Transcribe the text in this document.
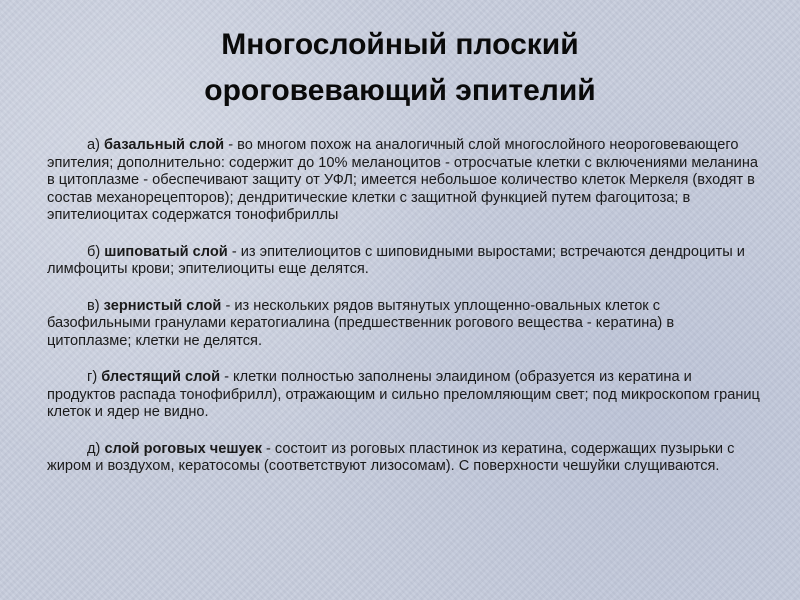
Многослойный плоский
ороговевающий эпителий

а) базальный слой - во многом похож на аналогичный слой многослойного неороговевающего эпителия; дополнительно: содержит до 10% меланоцитов - отросчатые клетки с включениями меланина в цитоплазме - обеспечивают защиту от УФЛ; имеется небольшое количество клеток Меркеля (входят в состав механорецепторов); дендритические клетки с защитной функцией путем фагоцитоза; в эпителиоцитах содержатся тонофибриллы

б) шиповатый слой - из эпителиоцитов с шиповидными выростами; встречаются дендроциты и лимфоциты крови; эпителиоциты еще делятся.

в) зернистый слой - из нескольких рядов вытянутых уплощенно-овальных клеток с базофильными гранулами кератогиалина (предшественник рогового вещества - кератина) в цитоплазме; клетки не делятся.

г) блестящий слой - клетки полностью заполнены элаидином (образуется из кератина и продуктов распада тонофибрилл), отражающим и сильно преломляющим свет; под микроскопом границ клеток и ядер не видно.

д) слой роговых чешуек - состоит из роговых пластинок из кератина, содержащих пузырьки с жиром и воздухом, кератосомы (соответствуют лизосомам). С поверхности чешуйки слущиваются.
